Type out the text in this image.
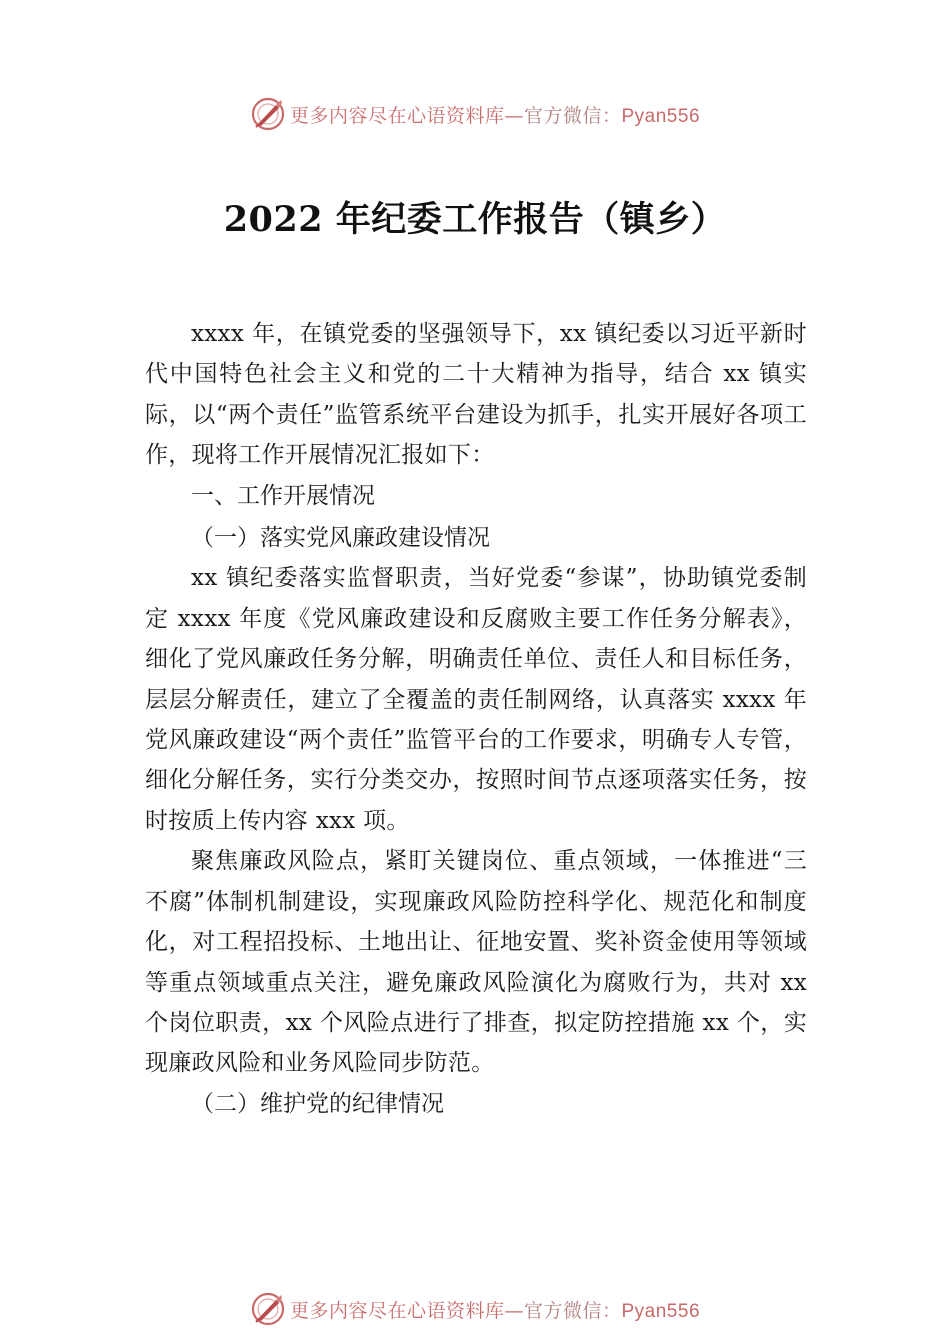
更多内容尽在心语资料库—官方微信：Pyan556
2022 年纪委工作报告（镇乡）

xxxx 年，在镇党委的坚强领导下，xx 镇纪委以习近平新时代中国特色社会主义和党的二十大精神为指导，结合 xx 镇实际，以“两个责任”监管系统平台建设为抓手，扎实开展好各项工作，现将工作开展情况汇报如下：

一、工作开展情况

（一）落实党风廉政建设情况

xx 镇纪委落实监督职责，当好党委“参谋”，协助镇党委制定 xxxx 年度《党风廉政建设和反腐败主要工作任务分解表》，细化了党风廉政任务分解，明确责任单位、责任人和目标任务，层层分解责任，建立了全覆盖的责任制网络，认真落实 xxxx 年党风廉政建设“两个责任”监管平台的工作要求，明确专人专管，细化分解任务，实行分类交办，按照时间节点逐项落实任务，按时按质上传内容 xxx 项。

聚焦廉政风险点，紧盯关键岗位、重点领域，一体推进“三不腐”体制机制建设，实现廉政风险防控科学化、规范化和制度化，对工程招投标、土地出让、征地安置、奖补资金使用等领域等重点领域重点关注，避免廉政风险演化为腐败行为，共对 xx 个岗位职责，xx 个风险点进行了排查，拟定防控措施 xx 个，实现廉政风险和业务风险同步防范。

（二）维护党的纪律情况

更多内容尽在心语资料库—官方微信：Pyan556
